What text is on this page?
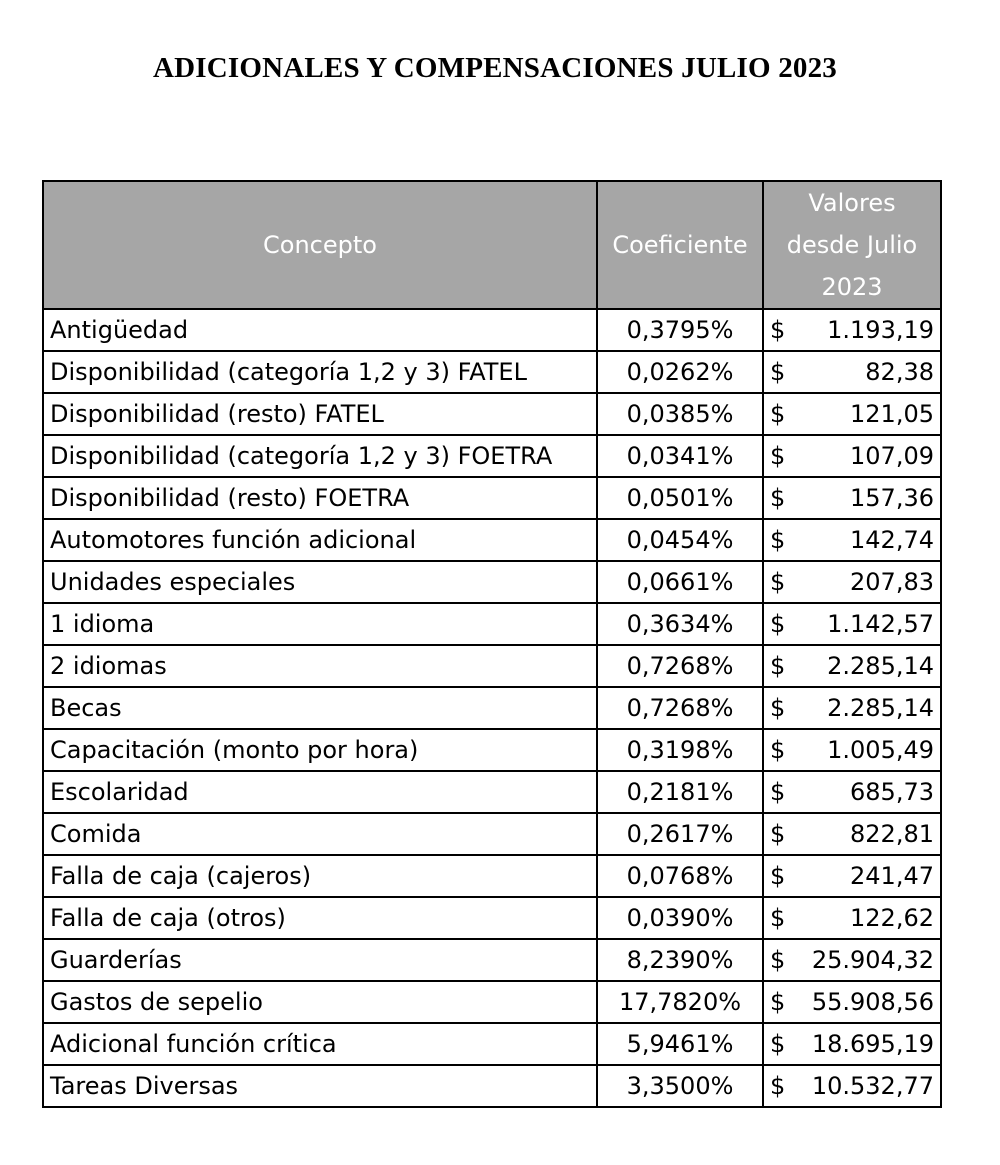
ADICIONALES Y COMPENSACIONES JULIO 2023
Concepto	Coeficiente	Valores
desde Julio
2023
Antigüedad	0,3795%	$ 1.193,19

Disponibilidad (categoría 1,2 y 3) FATEL	0,0262%	$ 82,38

Disponibilidad (resto) FATEL	0,0385%	$ 121,05

Disponibilidad (categoría 1,2 y 3) FOETRA	0,0341%	$ 107,09

Disponibilidad (resto) FOETRA	0,0501%	$ 157,36

Automotores función adicional	0,0454%	$ 142,74

Unidades especiales	0,0661%	$ 207,83

1 idioma	0,3634%	$ 1.142,57

2 idiomas	0,7268%	$ 2.285,14

Becas	0,7268%	$ 2.285,14

Capacitación (monto por hora)	0,3198%	$ 1.005,49

Escolaridad	0,2181%	$ 685,73

Comida	0,2617%	$ 822,81

Falla de caja (cajeros)	0,0768%	$ 241,47

Falla de caja (otros)	0,0390%	$ 122,62

Guarderías	8,2390%	$ 25.904,32

Gastos de sepelio	17,7820%	$ 55.908,56

Adicional función crítica	5,9461%	$ 18.695,19

Tareas Diversas	3,3500%	$ 10.532,77
